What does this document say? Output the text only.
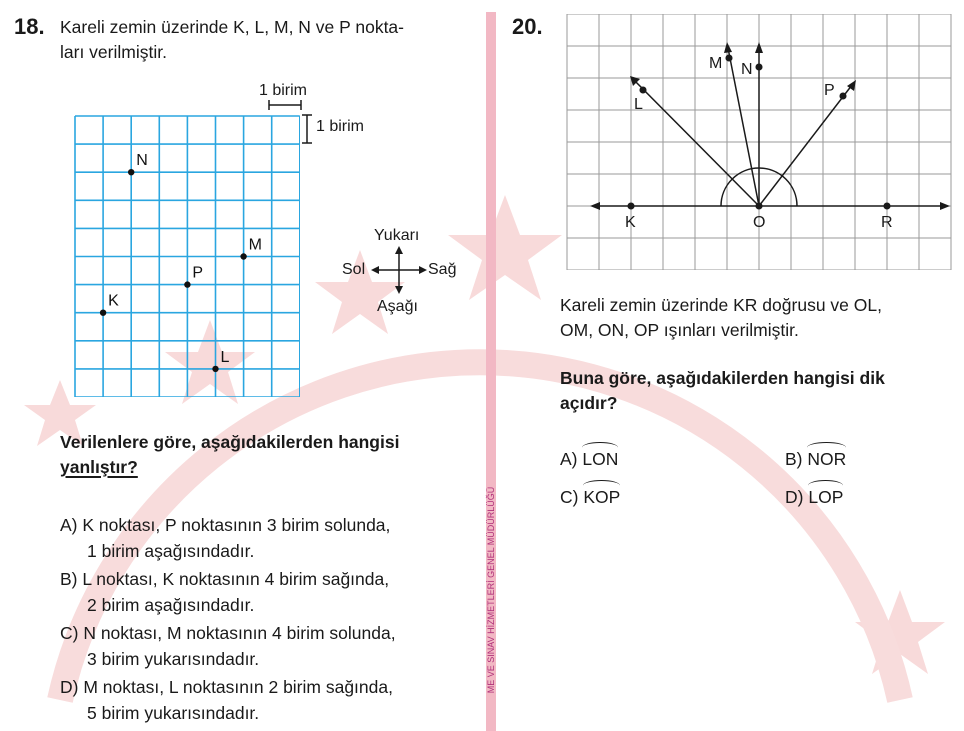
ME VE SINAV HİZMETLERİ GENEL MÜDÜRLÜĞÜ
18. Kareli zemin üzerinde K, L, M, N ve P nokta-
ları verilmiştir.
1 birim
1 birim
N
M
P
K
L
Yukarı
Aşağı
Sol	Sağ
Verilenlere göre, aşağıdakilerden hangisi
yanlıştır?
A) K noktası, P noktasının 3 birim solunda,
1 birim aşağısındadır.
B) L noktası, K noktasının 4 birim sağında,
2 birim aşağısındadır.
C) N noktası, M noktasının 4 birim solunda,
3 birim yukarısındadır.
D) M noktası, L noktasının 2 birim sağında,
5 birim yukarısındadır.
20.
K	O	R
L
M N
P
Kareli zemin üzerinde KR doğrusu ve OL,
OM, ON, OP ışınları verilmiştir.
Buna göre, aşağıdakilerden hangisi dik
açıdır?
A) LON	B) NOR
C) KOP	D) LOP
